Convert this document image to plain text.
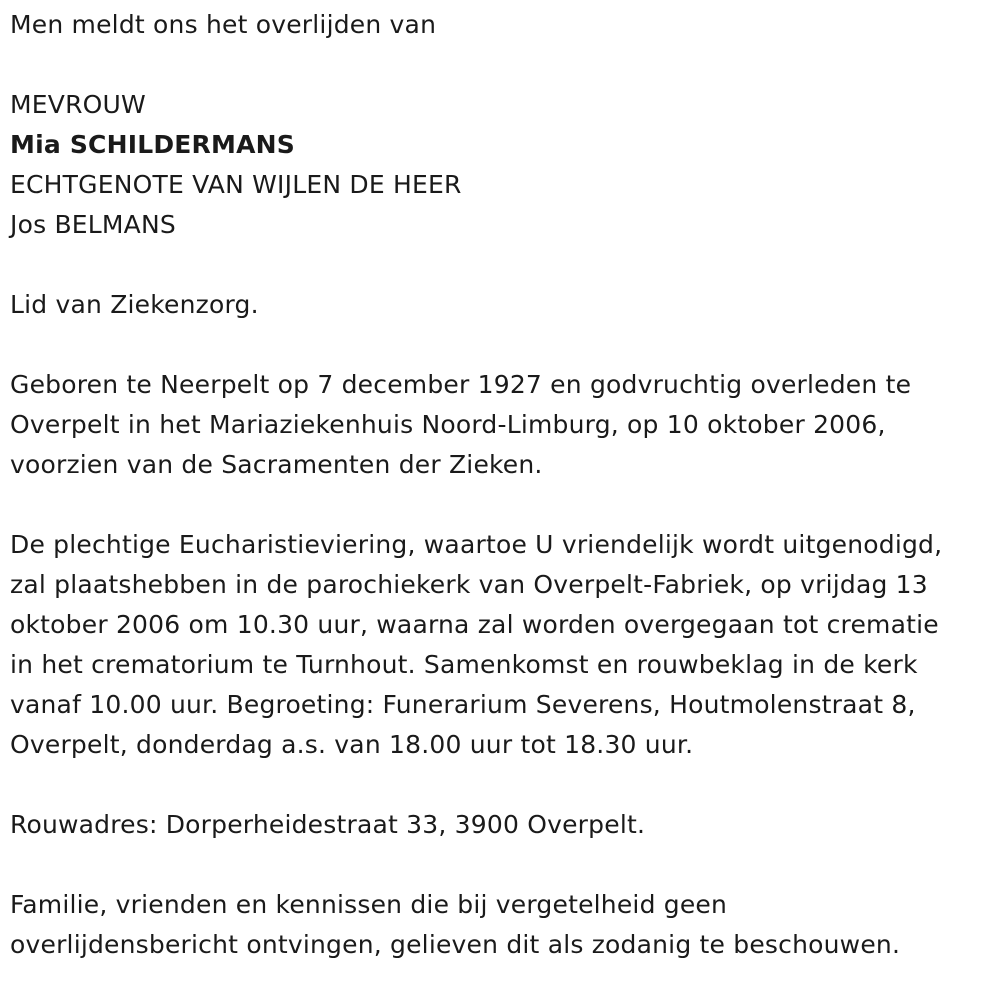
Men meldt ons het overlijden van
MEVROUW
Mia SCHILDERMANS
ECHTGENOTE VAN WIJLEN DE HEER
Jos BELMANS
Lid van Ziekenzorg.
Geboren te Neerpelt op 7 december 1927 en godvruchtig overleden te
Overpelt in het Mariaziekenhuis Noord-Limburg, op 10 oktober 2006,
voorzien van de Sacramenten der Zieken.
De plechtige Eucharistieviering, waartoe U vriendelijk wordt uitgenodigd,
zal plaatshebben in de parochiekerk van Overpelt-Fabriek, op vrijdag 13
oktober 2006 om 10.30 uur, waarna zal worden overgegaan tot crematie
in het crematorium te Turnhout. Samenkomst en rouwbeklag in de kerk
vanaf 10.00 uur. Begroeting: Funerarium Severens, Houtmolenstraat 8,
Overpelt, donderdag a.s. van 18.00 uur tot 18.30 uur.
Rouwadres: Dorperheidestraat 33, 3900 Overpelt.
Familie, vrienden en kennissen die bij vergetelheid geen
overlijdensbericht ontvingen, gelieven dit als zodanig te beschouwen.
